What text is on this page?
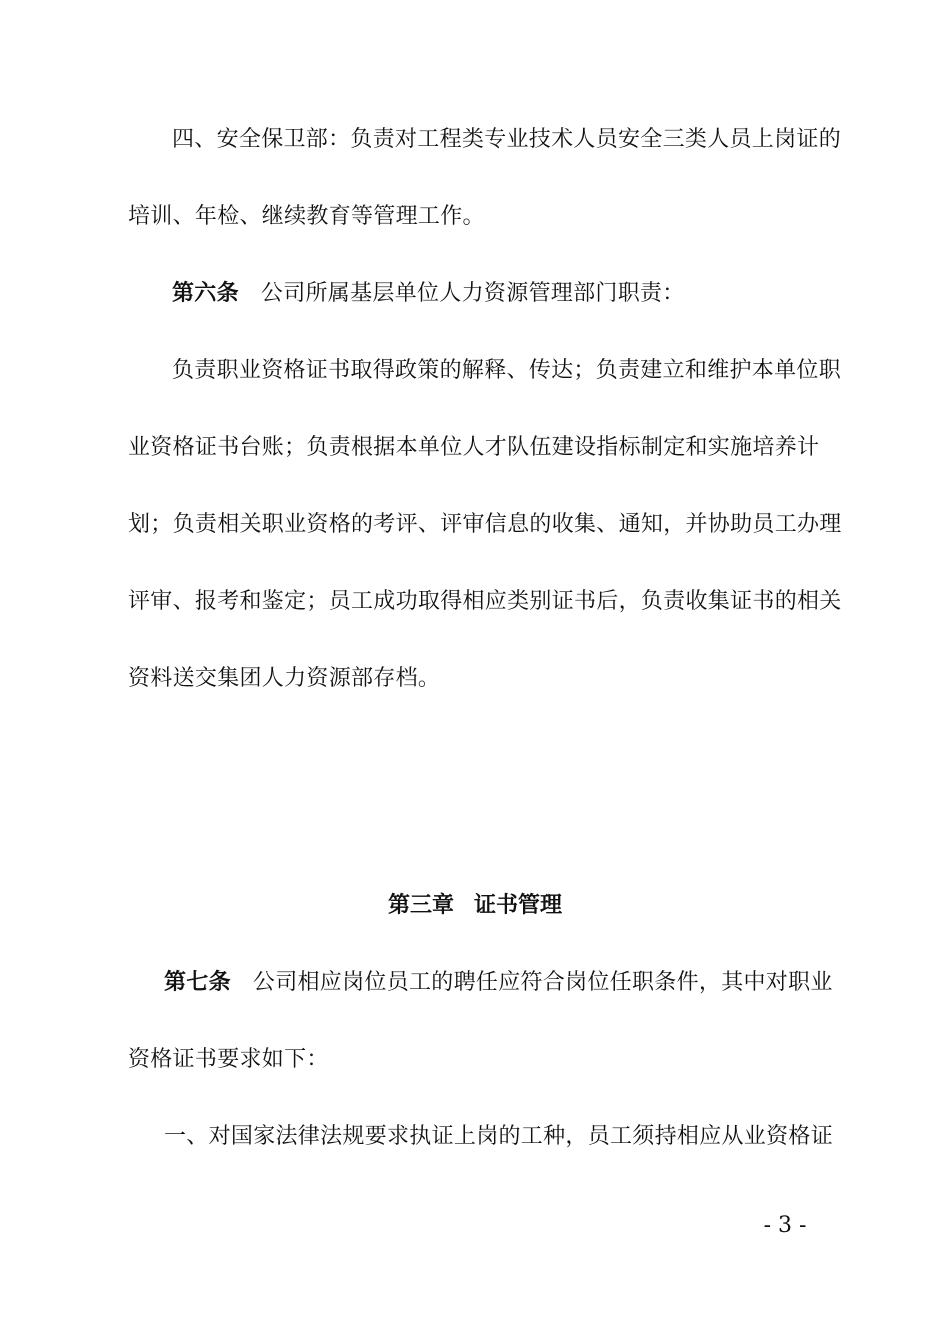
四、安全保卫部：负责对工程类专业技术人员安全三类人员上岗证的
培训、年检、继续教育等管理工作。
第六条 公司所属基层单位人力资源管理部门职责：
负责职业资格证书取得政策的解释、传达；负责建立和维护本单位职
业资格证书台账；负责根据本单位人才队伍建设指标制定和实施培养计
划；负责相关职业资格的考评、评审信息的收集、通知，并协助员工办理
评审、报考和鉴定；员工成功取得相应类别证书后，负责收集证书的相关
资料送交集团人力资源部存档。
第三章 证书管理
第七条 公司相应岗位员工的聘任应符合岗位任职条件，其中对职业
资格证书要求如下：
一、对国家法律法规要求执证上岗的工种，员工须持相应从业资格证
- 3 -
